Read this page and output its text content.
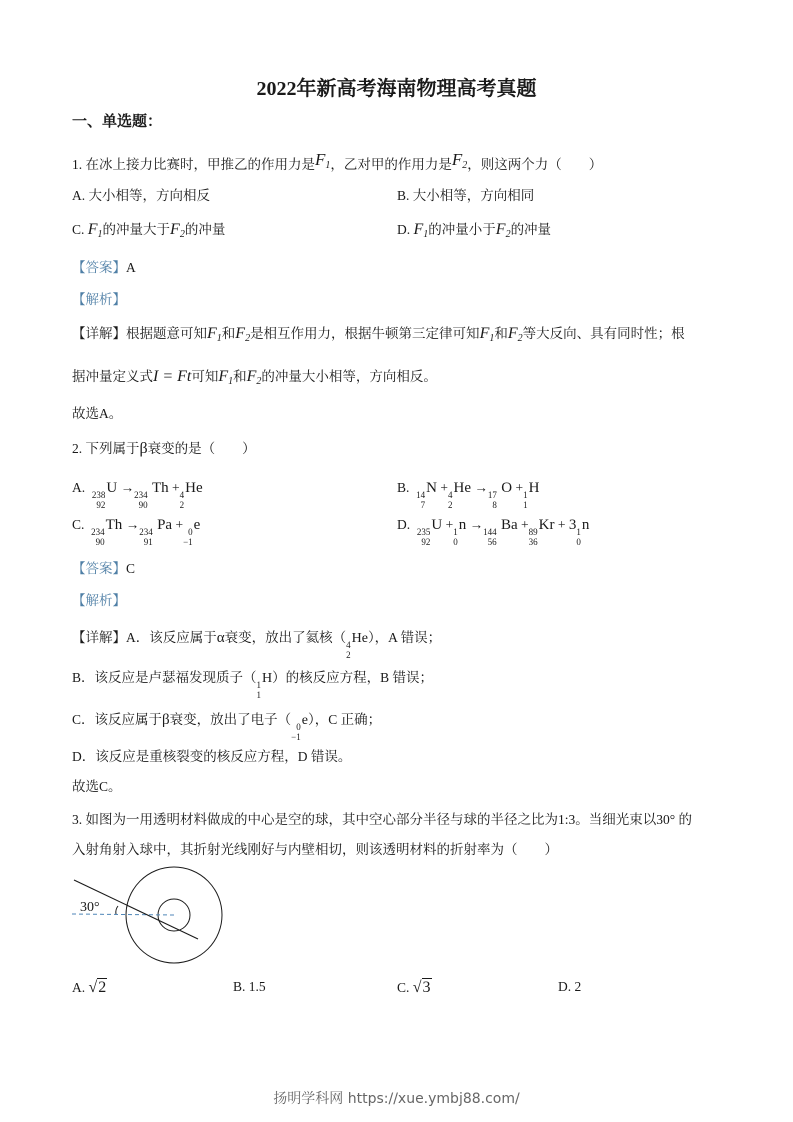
2022年新高考海南物理高考真题
一、单选题：
1. 在冰上接力比赛时，甲推乙的作用力是$F_1$，乙对甲的作用力是$F_2$，则这两个力（　　）
A. 大小相等，方向相反	B. 大小相等，方向相同
C. $F_1$的冲量大于$F_2$的冲量	D. $F_1$的冲量小于$F_2$的冲量
【答案】A
【解析】
【详解】根据题意可知$F_1$和$F_2$是相互作用力，根据牛顿第三定律可知$F_1$和$F_2$等大反向、具有同时性；根
据冲量定义式I = Ft可知$F_1$和$F_2$的冲量大小相等，方向相反。
故选A。
2. 下列属于β衰变的是（　　）
A. 238
92
U → 234
90
Th + 4
2
He	B. 14
7
N + 4
2
He → 17
8
O + 1
1
H
C. 234
90
Th → 234
91
Pa + 0
−1
e	D. 235
92
U + 1
0
n → 144
56
Ba + 89
36
Kr + 3 1
0
n
【答案】C
【解析】
【详解】A．该反应属于α衰变，放出了氦核（ 4
2
He），A 错误；
B．该反应是卢瑟福发现质子（ 1
1
H）的核反应方程，B 错误；
C．该反应属于β衰变，放出了电子（ 0
−1
e），C 正确；
D．该反应是重核裂变的核反应方程，D 错误。
故选C。
3. 如图为一用透明材料做成的中心是空的球，其中空心部分半径与球的半径之比为1:3。当细光束以30° 的
入射角射入球中，其折射光线刚好与内壁相切，则该透明材料的折射率为（　　）
30°
A. √2	B. 1.5	C. √3	D. 2
扬明学科网 https://xue.ymbj88.com/
